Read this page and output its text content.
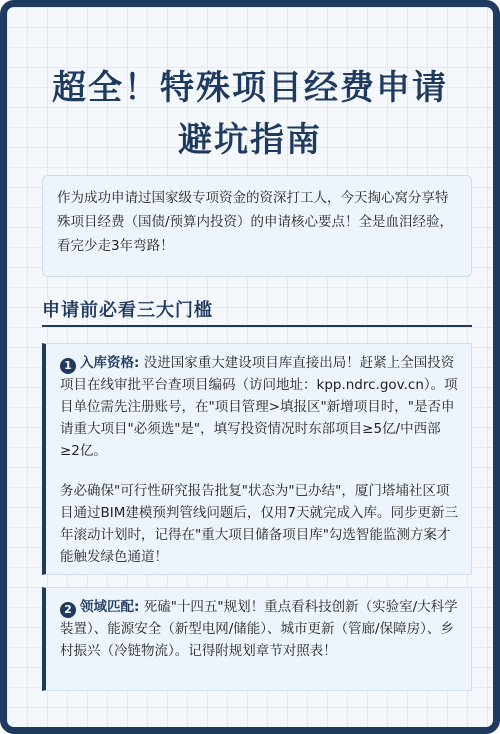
超全！特殊项目经费申请
避坑指南
作为成功申请过国家级专项资金的资深打工人，今天掏心窝分享特殊项目经费（国债/预算内投资）的申请核心要点！全是血泪经验，看完少走3年弯路！
申请前必看三大门槛

1 入库资格: 没进国家重大建设项目库直接出局！赶紧上全国投资项目在线审批平台查项目编码（访问地址：kpp.ndrc.gov.cn）。项目单位需先注册账号，在"项目管理>填报区"新增项目时，"是否申请重大项目"必须选"是"，填写投资情况时东部项目≥5亿/中西部≥2亿。

务必确保"可行性研究报告批复"状态为"已办结"，厦门塔埔社区项目通过BIM建模预判管线问题后，仅用7天就完成入库。同步更新三年滚动计划时，记得在"重大项目储备项目库"勾选智能监测方案才能触发绿色通道！

2 领域匹配: 死磕"十四五"规划！重点看科技创新（实验室/大科学装置）、能源安全（新型电网/储能）、城市更新（管廊/保障房）、乡村振兴（冷链物流）。记得附规划章节对照表！
